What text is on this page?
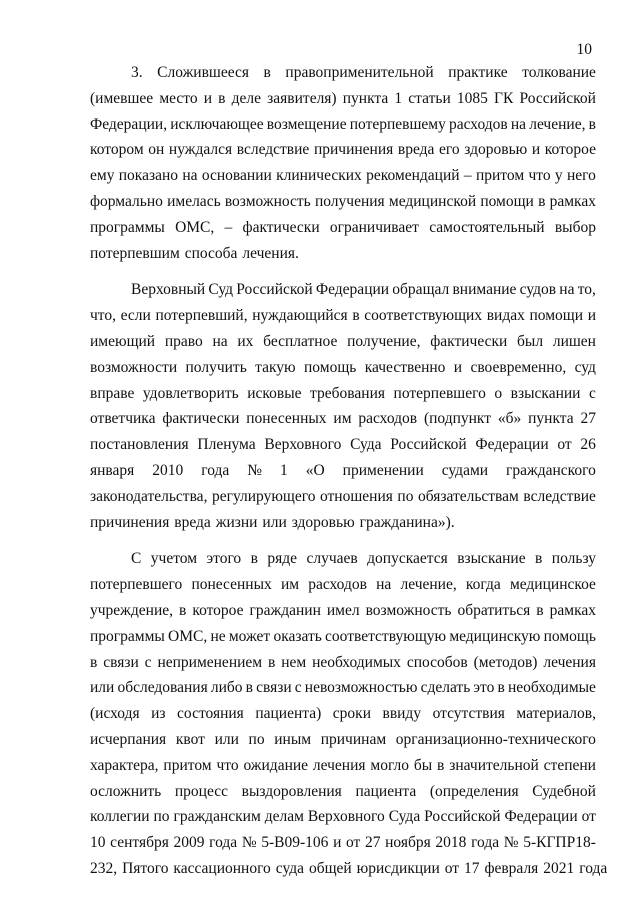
10
3. Сложившееся в правоприменительной практике толкование
(имевшее место и в деле заявителя) пункта 1 статьи 1085 ГК Российской
Федерации, исключающее возмещение потерпевшему расходов на лечение, в
котором он нуждался вследствие причинения вреда его здоровью и которое
ему показано на основании клинических рекомендаций – притом что у него
формально имелась возможность получения медицинской помощи в рамках
программы ОМС, – фактически ограничивает самостоятельный выбор
потерпевшим способа лечения.
Верховный Суд Российской Федерации обращал внимание судов на то,
что, если потерпевший, нуждающийся в соответствующих видах помощи и
имеющий право на их бесплатное получение, фактически был лишен
возможности получить такую помощь качественно и своевременно, суд
вправе удовлетворить исковые требования потерпевшего о взыскании с
ответчика фактически понесенных им расходов (подпункт «б» пункта 27
постановления Пленума Верховного Суда Российской Федерации от 26
января 2010 года № 1 «О применении судами гражданского
законодательства, регулирующего отношения по обязательствам вследствие
причинения вреда жизни или здоровью гражданина»).
С учетом этого в ряде случаев допускается взыскание в пользу
потерпевшего понесенных им расходов на лечение, когда медицинское
учреждение, в которое гражданин имел возможность обратиться в рамках
программы ОМС, не может оказать соответствующую медицинскую помощь
в связи с неприменением в нем необходимых способов (методов) лечения
или обследования либо в связи с невозможностью сделать это в необходимые
(исходя из состояния пациента) сроки ввиду отсутствия материалов,
исчерпания квот или по иным причинам организационно-технического
характера, притом что ожидание лечения могло бы в значительной степени
осложнить процесс выздоровления пациента (определения Судебной
коллегии по гражданским делам Верховного Суда Российской Федерации от
10 сентября 2009 года № 5-В09-106 и от 27 ноября 2018 года № 5-КГПР18-
232, Пятого кассационного суда общей юрисдикции от 17 февраля 2021 года
